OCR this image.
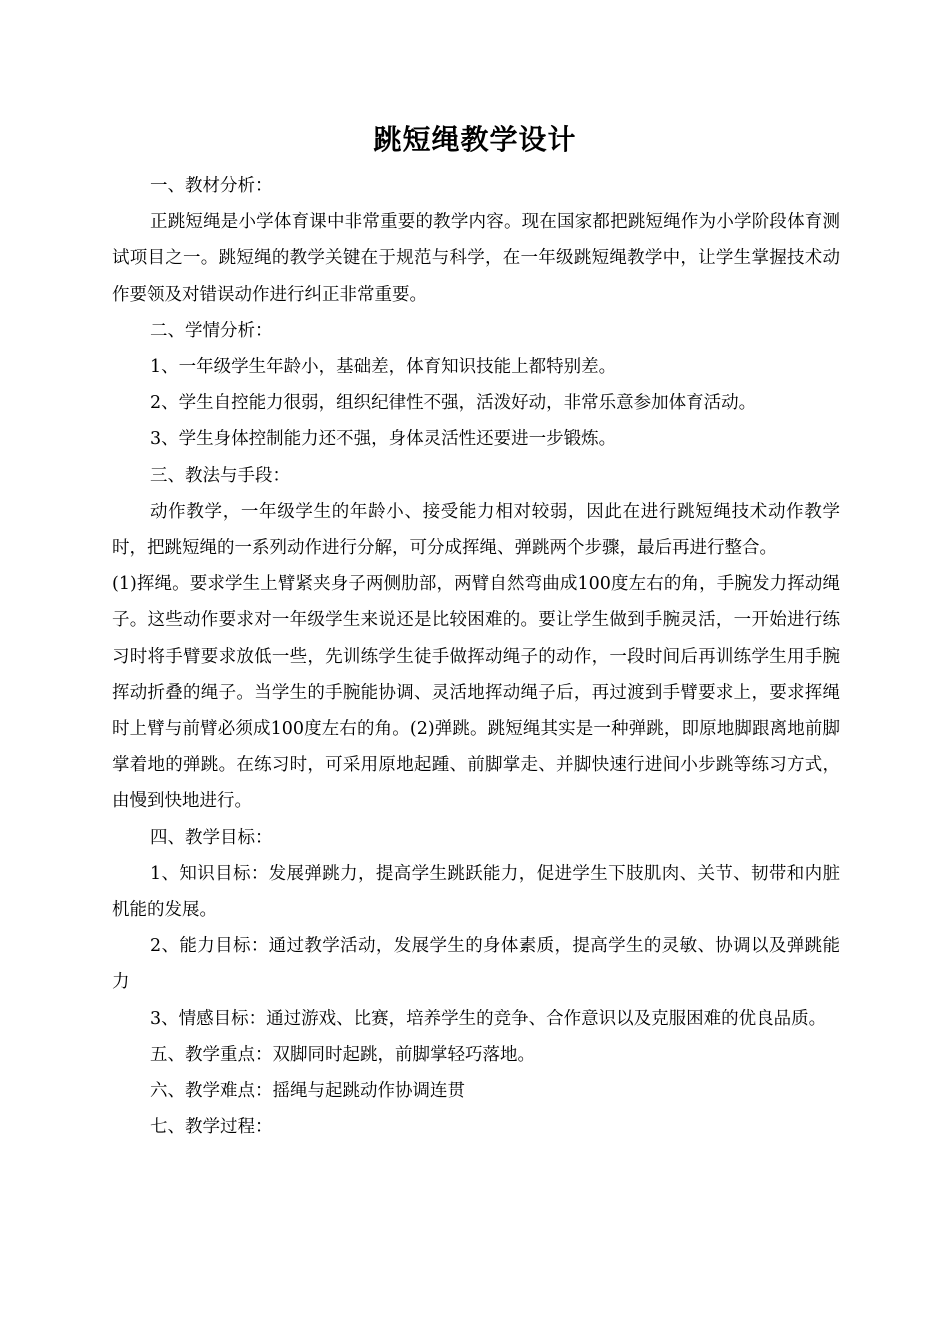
跳短绳教学设计

一、教材分析：

正跳短绳是小学体育课中非常重要的教学内容。现在国家都把跳短绳作为小学阶段体育测试项目之一。跳短绳的教学关键在于规范与科学，在一年级跳短绳教学中，让学生掌握技术动作要领及对错误动作进行纠正非常重要。

二、学情分析：

1、一年级学生年龄小，基础差，体育知识技能上都特别差。

2、学生自控能力很弱，组织纪律性不强，活泼好动，非常乐意参加体育活动。

3、学生身体控制能力还不强，身体灵活性还要进一步锻炼。

三、教法与手段：

动作教学，一年级学生的年龄小、接受能力相对较弱，因此在进行跳短绳技术动作教学时，把跳短绳的一系列动作进行分解，可分成挥绳、弹跳两个步骤，最后再进行整合。

(1)挥绳。要求学生上臂紧夹身子两侧肋部，两臂自然弯曲成100度左右的角，手腕发力挥动绳子。这些动作要求对一年级学生来说还是比较困难的。要让学生做到手腕灵活，一开始进行练习时将手臂要求放低一些，先训练学生徒手做挥动绳子的动作，一段时间后再训练学生用手腕挥动折叠的绳子。当学生的手腕能协调、灵活地挥动绳子后，再过渡到手臂要求上，要求挥绳时上臂与前臂必须成100度左右的角。(2)弹跳。跳短绳其实是一种弹跳，即原地脚跟离地前脚掌着地的弹跳。在练习时，可采用原地起踵、前脚掌走、并脚快速行进间小步跳等练习方式，由慢到快地进行。

四、教学目标：

1、知识目标：发展弹跳力，提高学生跳跃能力，促进学生下肢肌肉、关节、韧带和内脏机能的发展。

2、能力目标：通过教学活动，发展学生的身体素质，提高学生的灵敏、协调以及弹跳能力

3、情感目标：通过游戏、比赛，培养学生的竞争、合作意识以及克服困难的优良品质。

五、教学重点：双脚同时起跳，前脚掌轻巧落地。

六、教学难点：摇绳与起跳动作协调连贯

七、教学过程：
